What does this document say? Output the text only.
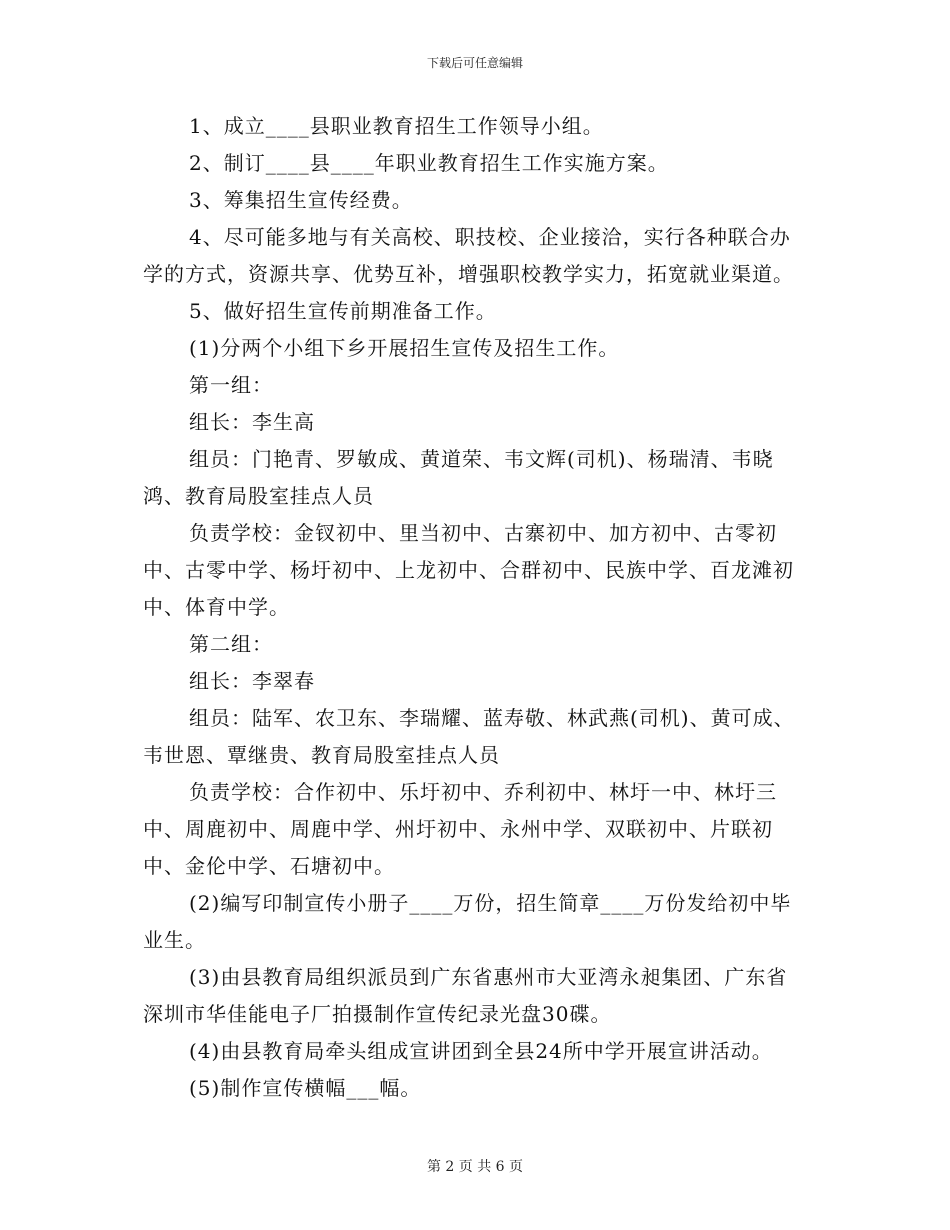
下载后可任意编辑

1、成立____县职业教育招生工作领导小组。

2、制订____县____年职业教育招生工作实施方案。

3、筹集招生宣传经费。

4、尽可能多地与有关高校、职技校、企业接洽，实行各种联合办学的方式，资源共享、优势互补，增强职校教学实力，拓宽就业渠道。

5、做好招生宣传前期准备工作。

(1)分两个小组下乡开展招生宣传及招生工作。

第一组：

组长：李生高

组员：门艳青、罗敏成、黄道荣、韦文辉(司机)、杨瑞清、韦晓鸿、教育局股室挂点人员

负责学校：金钗初中、里当初中、古寨初中、加方初中、古零初中、古零中学、杨圩初中、上龙初中、合群初中、民族中学、百龙滩初中、体育中学。

第二组：

组长：李翠春

组员：陆军、农卫东、李瑞耀、蓝寿敬、林武燕(司机)、黄可成、韦世恩、覃继贵、教育局股室挂点人员

负责学校：合作初中、乐圩初中、乔利初中、林圩一中、林圩三中、周鹿初中、周鹿中学、州圩初中、永州中学、双联初中、片联初中、金伦中学、石塘初中。

(2)编写印制宣传小册子____万份，招生简章____万份发给初中毕业生。

(3)由县教育局组织派员到广东省惠州市大亚湾永昶集团、广东省深圳市华佳能电子厂拍摄制作宣传纪录光盘30碟。

(4)由县教育局牵头组成宣讲团到全县24所中学开展宣讲活动。

(5)制作宣传横幅___幅。

第 2 页 共 6 页
